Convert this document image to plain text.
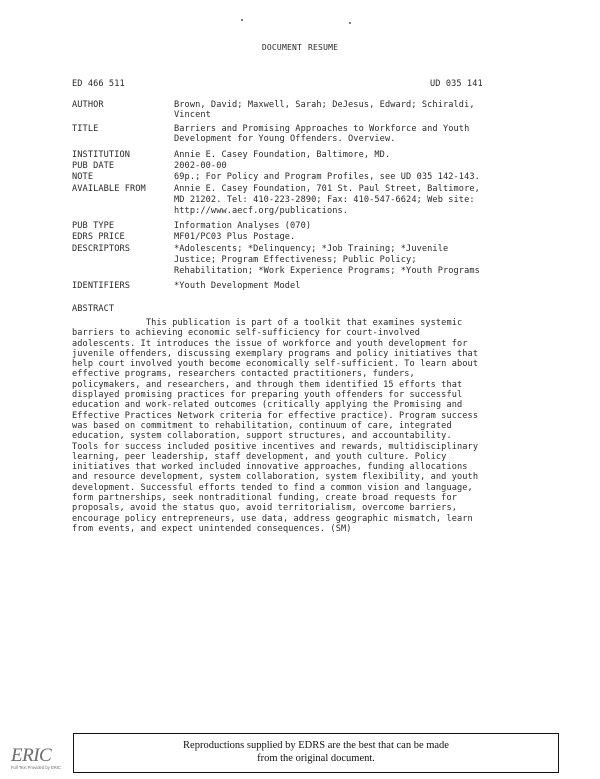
DOCUMENT RESUME
ED 466 511	UD 035 141
AUTHOR	Brown, David; Maxwell, Sarah; DeJesus, Edward; Schiraldi,
Vincent
TITLE	Barriers and Promising Approaches to Workforce and Youth
Development for Young Offenders. Overview.
INSTITUTION	Annie E. Casey Foundation, Baltimore, MD.
PUB DATE	2002-00-00
NOTE	69p.; For Policy and Program Profiles, see UD 035 142-143.
AVAILABLE FROM	Annie E. Casey Foundation, 701 St. Paul Street, Baltimore,
MD 21202. Tel: 410-223-2890; Fax: 410-547-6624; Web site:
http://www.aecf.org/publications.
PUB TYPE	Information Analyses (070)
EDRS PRICE	MF01/PC03 Plus Postage.
DESCRIPTORS	*Adolescents; *Delinquency; *Job Training; *Juvenile
Justice; Program Effectiveness; Public Policy;
Rehabilitation; *Work Experience Programs; *Youth Programs
IDENTIFIERS	*Youth Development Model
ABSTRACT
This publication is part of a toolkit that examines systemic
barriers to achieving economic self-sufficiency for court-involved
adolescents. It introduces the issue of workforce and youth development for
juvenile offenders, discussing exemplary programs and policy initiatives that
help court involved youth become economically self-sufficient. To learn about
effective programs, researchers contacted practitioners, funders,
policymakers, and researchers, and through them identified 15 efforts that
displayed promising practices for preparing youth offenders for successful
education and work-related outcomes (critically applying the Promising and
Effective Practices Network criteria for effective practice). Program success
was based on commitment to rehabilitation, continuum of care, integrated
education, system collaboration, support structures, and accountability.
Tools for success included positive incentives and rewards, multidisciplinary
learning, peer leadership, staff development, and youth culture. Policy
initiatives that worked included innovative approaches, funding allocations
and resource development, system collaboration, system flexibility, and youth
development. Successful efforts tended to find a common vision and language,
form partnerships, seek nontraditional funding, create broad requests for
proposals, avoid the status quo, avoid territorialism, overcome barriers,
encourage policy entrepreneurs, use data, address geographic mismatch, learn
from events, and expect unintended consequences. (SM)
ERIC
Full Text Provided by ERIC
Reproductions supplied by EDRS are the best that can be made
from the original document.
